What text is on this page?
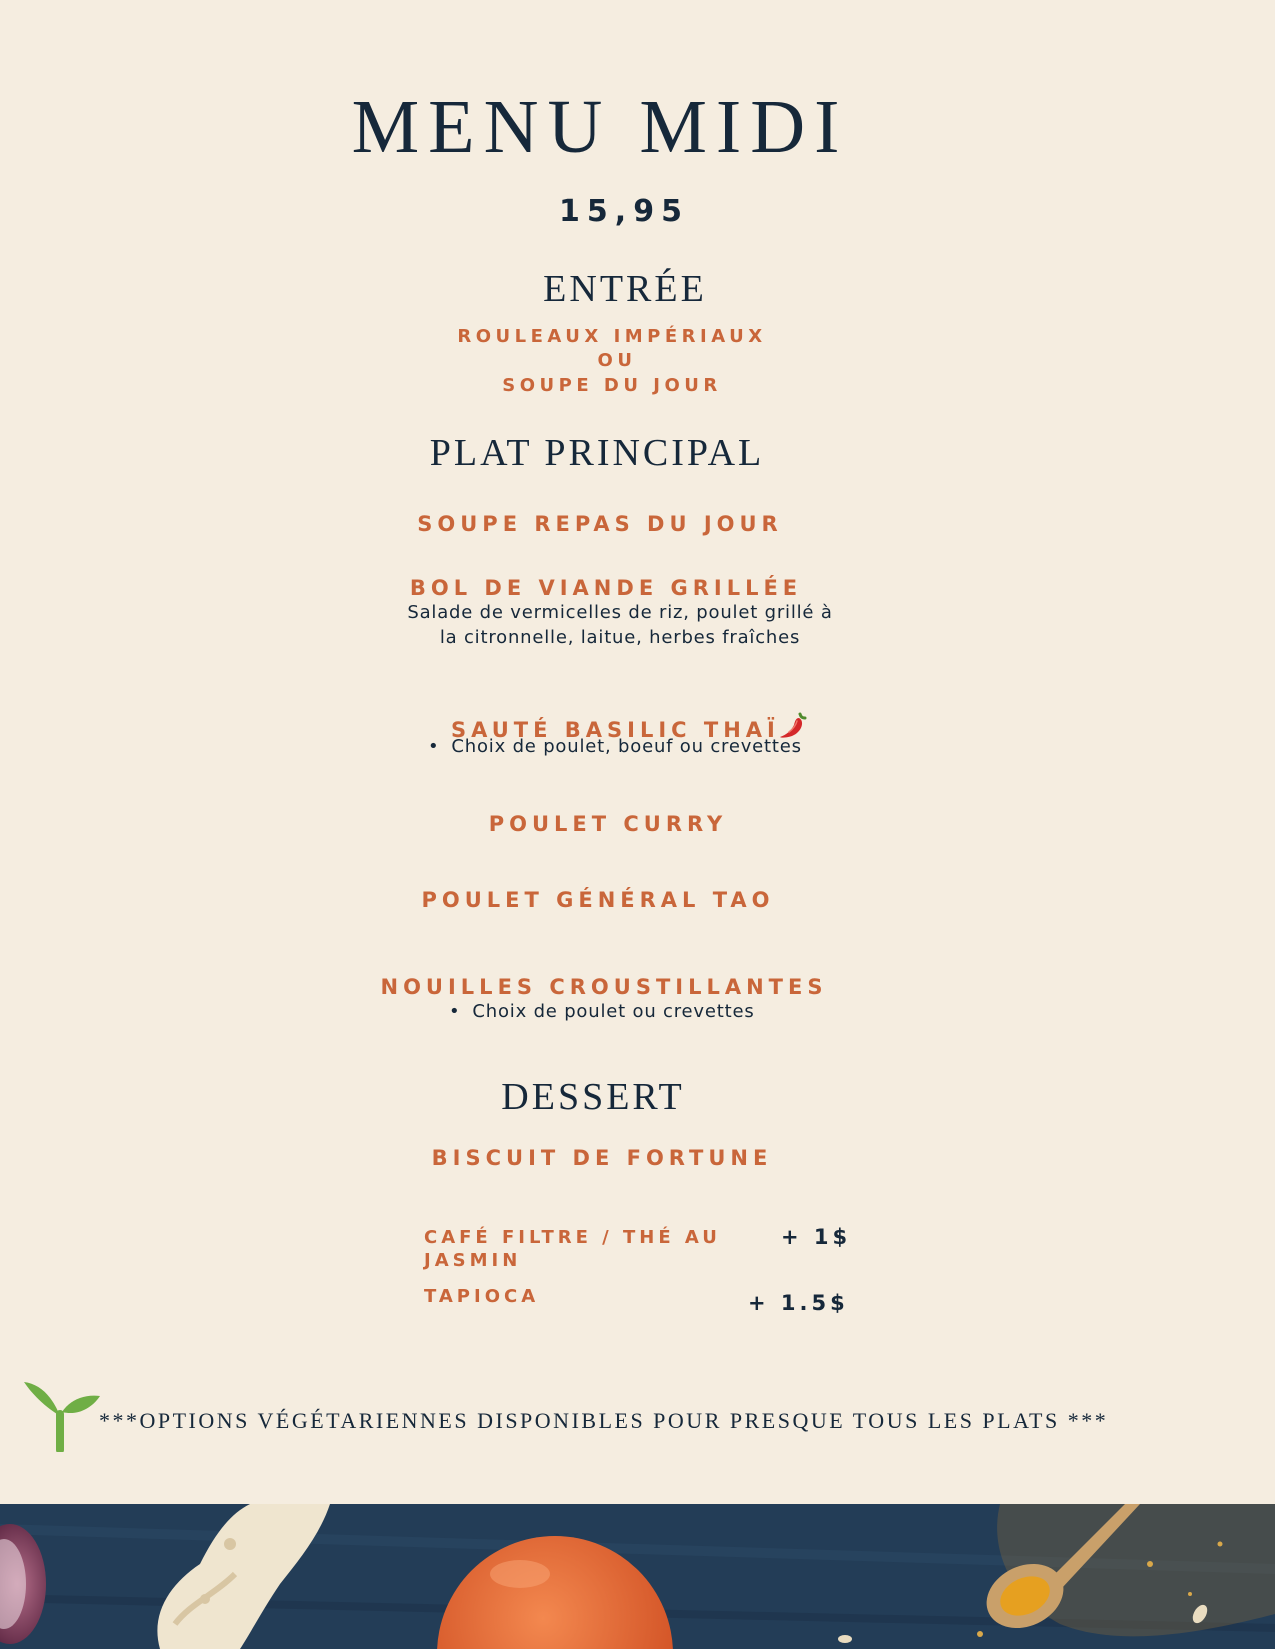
MENU MIDI
15,95
ENTRÉE
ROULEAUX IMPÉRIAUX
OU
SOUPE DU JOUR
PLAT PRINCIPAL
SOUPE REPAS DU JOUR
BOL DE VIANDE GRILLÉE
Salade de vermicelles de riz, poulet grillé à
la citronnelle, laitue, herbes fraîches
SAUTÉ BASILIC THAÏ
• Choix de poulet, boeuf ou crevettes
POULET CURRY
POULET GÉNÉRAL TAO
NOUILLES CROUSTILLANTES
• Choix de poulet ou crevettes
DESSERT
BISCUIT DE FORTUNE
CAFÉ FILTRE / THÉ AU JASMIN
+ 1$
TAPIOCA	+ 1.5$
***OPTIONS VÉGÉTARIENNES DISPONIBLES POUR PRESQUE TOUS LES PLATS ***
